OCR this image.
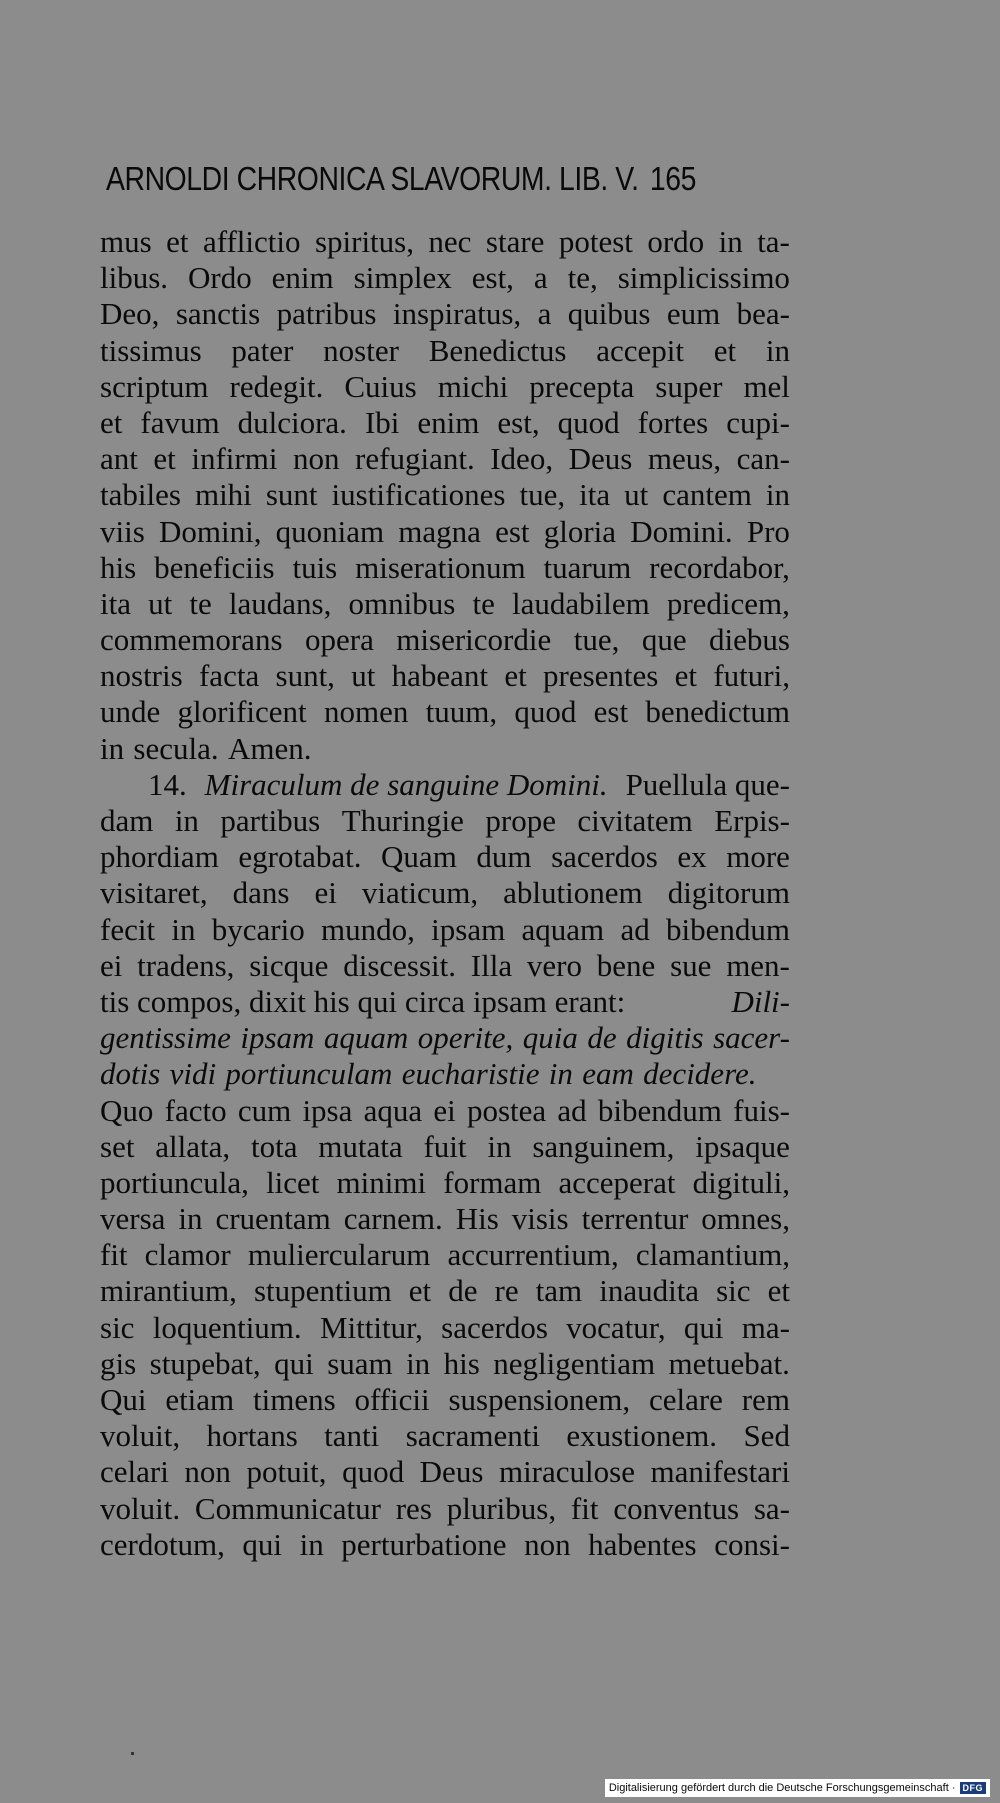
ARNOLDI CHRONICA SLAVORUM. LIB. V. 165
mus et afflictio spiritus, nec stare potest ordo in ta-
libus. Ordo enim simplex est, a te, simplicissimo
Deo, sanctis patribus inspiratus, a quibus eum bea-
tissimus pater noster Benedictus accepit et in
scriptum redegit. Cuius michi precepta super mel
et favum dulciora. Ibi enim est, quod fortes cupi-
ant et infirmi non refugiant. Ideo, Deus meus, can-
tabiles mihi sunt iustificationes tue, ita ut cantem in
viis Domini, quoniam magna est gloria Domini. Pro
his beneficiis tuis miserationum tuarum recordabor,
ita ut te laudans, omnibus te laudabilem predicem,
commemorans opera misericordie tue, que diebus
nostris facta sunt, ut habeant et presentes et futuri,
unde glorificent nomen tuum, quod est benedictum
in secula. Amen.
14. Miraculum de sanguine Domini. Puellula que-
dam in partibus Thuringie prope civitatem Erpis-
phordiam egrotabat. Quam dum sacerdos ex more
visitaret, dans ei viaticum, ablutionem digitorum
fecit in bycario mundo, ipsam aquam ad bibendum
ei tradens, sicque discessit. Illa vero bene sue men-
tis compos, dixit his qui circa ipsam erant:	Dili-
gentissime ipsam aquam operite, quia de digitis sacer-
dotis vidi portiunculam eucharistie in eam decidere.
Quo facto cum ipsa aqua ei postea ad bibendum fuis-
set allata, tota mutata fuit in sanguinem, ipsaque
portiuncula, licet minimi formam acceperat digituli,
versa in cruentam carnem. His visis terrentur omnes,
fit clamor muliercularum accurrentium, clamantium,
mirantium, stupentium et de re tam inaudita sic et
sic loquentium. Mittitur, sacerdos vocatur, qui ma-
gis stupebat, qui suam in his negligentiam metuebat.
Qui etiam timens officii suspensionem, celare rem
voluit, hortans tanti sacramenti exustionem. Sed
celari non potuit, quod Deus miraculose manifestari
voluit. Communicatur res pluribus, fit conventus sa-
cerdotum, qui in perturbatione non habentes consi-
Digitalisierung gefördert durch die Deutsche Forschungsgemeinschaft · DFG
